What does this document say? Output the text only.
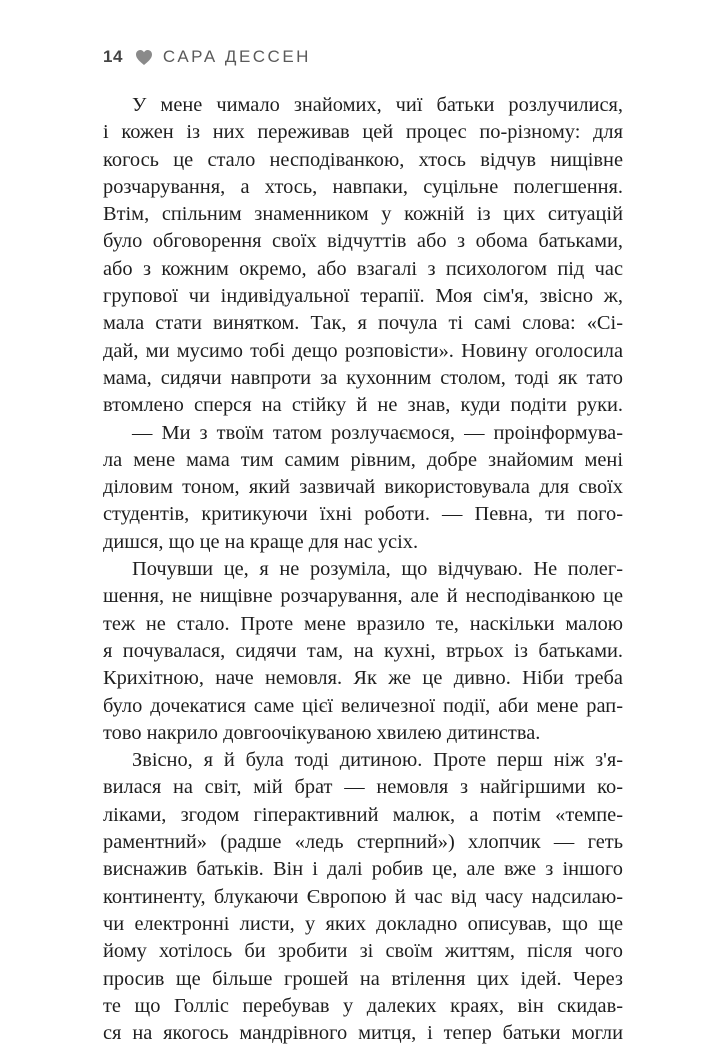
14 САРА ДЕССЕН
У мене чимало знайомих, чиї батьки розлучилися,
і кожен із них переживав цей процес по-різному: для
когось це стало несподіванкою, хтось відчув нищівне
розчарування, а хтось, навпаки, суцільне полегшення.
Втім, спільним знаменником у кожній із цих ситуацій
було обговорення своїх відчуттів або з обома батьками,
або з кожним окремо, або взагалі з психологом під час
групової чи індивідуальної терапії. Моя сім'я, звісно ж,
мала стати винятком. Так, я почула ті самі слова: «Сі-
дай, ми мусимо тобі дещо розповісти». Новину оголосила
мама, сидячи навпроти за кухонним столом, тоді як тато
втомлено сперся на стійку й не знав, куди подіти руки.
— Ми з твоїм татом розлучаємося, — проінформува-
ла мене мама тим самим рівним, добре знайомим мені
діловим тоном, який зазвичай використовувала для своїх
студентів, критикуючи їхні роботи. — Певна, ти пого-
дишся, що це на краще для нас усіх.
Почувши це, я не розуміла, що відчуваю. Не полег-
шення, не нищівне розчарування, але й несподіванкою це
теж не стало. Проте мене вразило те, наскільки малою
я почувалася, сидячи там, на кухні, втрьох із батьками.
Крихітною, наче немовля. Як же це дивно. Ніби треба
було дочекатися саме цієї величезної події, аби мене рап-
тово накрило довгоочікуваною хвилею дитинства.
Звісно, я й була тоді дитиною. Проте перш ніж з'я-
вилася на світ, мій брат — немовля з найгіршими ко-
ліками, згодом гіперактивний малюк, а потім «темпе-
раментний» (радше «ледь стерпний») хлопчик — геть
виснажив батьків. Він і далі робив це, але вже з іншого
континенту, блукаючи Європою й час від часу надсилаю-
чи електронні листи, у яких докладно описував, що ще
йому хотілось би зробити зі своїм життям, після чого
просив ще більше грошей на втілення цих ідей. Через
те що Голліс перебував у далеких краях, він скидав-
ся на якогось мандрівного митця, і тепер батьки могли
